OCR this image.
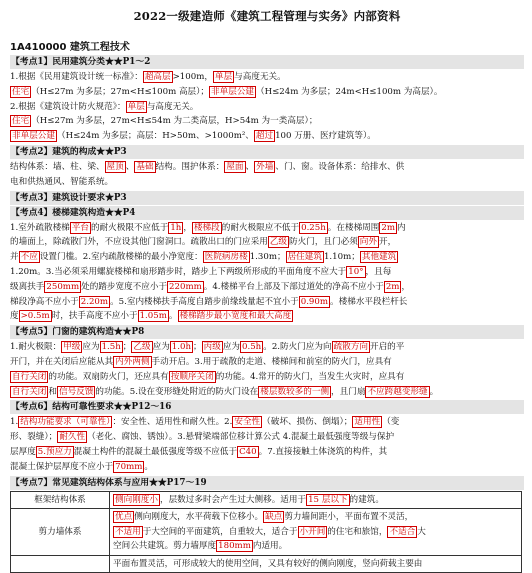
2022一级建造师《建筑工程管理与实务》内部资料
1A410000 建筑工程技术
【考点1】民用建筑分类★★P1～2
1.根据《民用建筑设计统一标准》： 超高层 >100m， 单层 与高度无关。
住宅 （H≤27m 为多层；27m<H≤100m 高层）； 非单层公建 （H≤24m 为多层；24m<H≤100m 为高层）。
2.根据《建筑设计防火规范》： 单层 与高度无关。
住宅 （H≤27m 为多层，27m<H≤54m 为二类高层，H>54m 为一类高层）；
非单层公建 （H≤24m 为多层；高层：H>50m、>1000m²、 超过 100 万册、医疗建筑等）。
【考点2】建筑的构成★★P3
结构体系：墙、柱、梁、 屋顶 、 基础 结构。围护体系： 屋面 、 外墙 、门、窗。设备体系：给排水、供
电和供热通风、智能系统。
【考点3】建筑设计要求★P3
【考点4】楼梯建筑构造★★P4
1.室外疏散楼梯 平台 的耐火极限不应低于 1h ， 楼梯段 的耐火极限应不低于 0.25h 。在楼梯周围 2m 内
的墙面上，除疏散门外，不应设其他门窗洞口。疏散出口的门应采用 乙级 防火门，且门必须 向外 开，
并 不应 设置门槛。2.室内疏散楼梯的最小净宽度： 医院病房楼 1.30m； 居住建筑 1.10m； 其他建筑
1.20m。3.当必须采用螺旋楼梯和扇形踏步时，踏步上下两级所形成的平面角度不应大于 10° ，且每
级离扶手 250mm 处的踏步宽度不应小于 220mm 。4.楼梯平台上部及下部过道处的净高不应小于 2m ，
梯段净高不应小于 2.20m 。5.室内楼梯扶手高度自踏步前缘线量起不宜小于 0.90m 。楼梯水平段栏杆长
度 >0.5m 时，扶手高度不应小于 1.05m 。 楼梯踏步最小宽度和最大高度
【考点5】门窗的建筑构造★★P8
1.耐火极限： 甲级 应为 1.5h ； 乙级 应为 1.0h ； 丙级 应为 0.5h 。2.防火门应为向 疏散方向 开启的平
开门，并在关闭后应能从其 内外两侧 手动开启。3.用于疏散的走道、楼梯间和前室的防火门，应具有
自行关闭 的功能。双扇防火门，还应具有 按顺序关闭 的功能。4.常开的防火门，当发生火灾时，应具有
自行关闭 和 信号反馈 的功能。5.设在变形缝处附近的防火门设在 楼层数较多的一侧 ，且门扇 不应跨越变形缝 。
【考点6】结构可靠性要求★★P12～16
1. 结构功能要求（可靠性） ：安全性、适用性和耐久性。2. 安全性 （破坏、损伤、倒塌）； 适用性 （变
形、裂缝）； 耐久性 （老化、腐蚀、锈蚀）。3.悬臂梁端部位移计算公式 4.混凝土最低强度等级与保护
层厚度 5.预应力 混凝土构件的混凝土最低强度等级不应低于 C40 。7.直接接触土体浇筑的构件，其
混凝土保护层厚度不应小于 70mm 。
【考点7】常见建筑结构体系与应用★★P17～19
框架结构体系	侧向刚度小 ，层数过多时会产生过大侧移。适用于 15 层以下 的建筑。

剪力墙体系	优点 侧向刚度大，水平荷载下位移小。 缺点 剪力墙间距小，平面布置不灵活，
不适用 于大空间的平面建筑，自重较大，适合于 小开间 的住宅和旅馆， 不适合 大
空间公共建筑。剪力墙厚度 180mm 内适用。

	平面布置灵活，可形成较大的使用空间，又具有较好的侧向刚度，竖向荷载主要由
